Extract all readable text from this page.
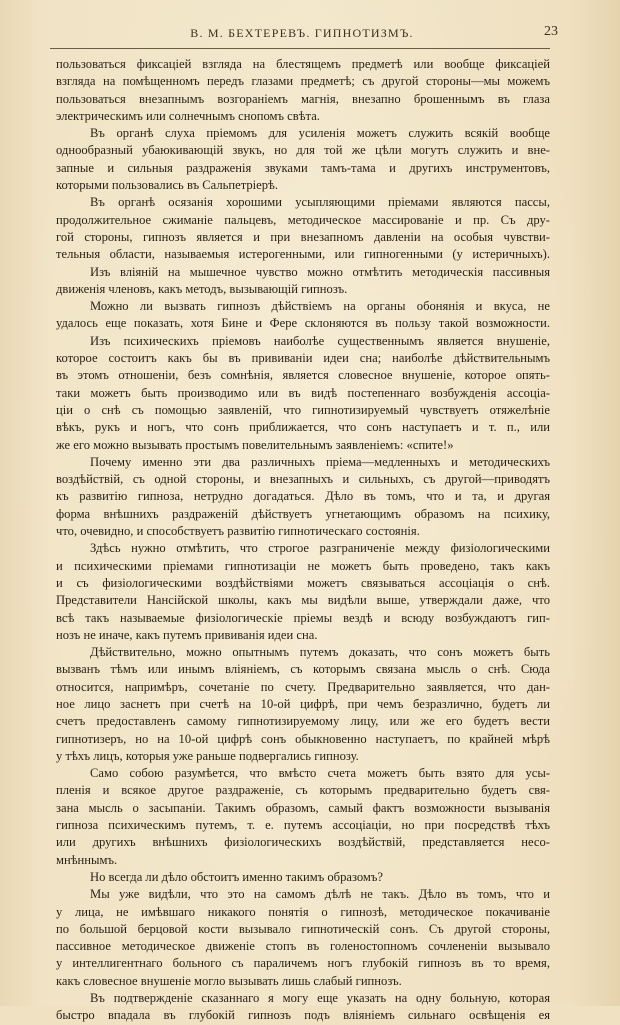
В. М. БЕХТЕРЕВЪ. ГИПНОТИЗМЪ.	23
пользоваться фиксацiей взгляда на блестящемъ предметѣ или вообще фиксацiей
взгляда на помѣщенномъ передъ глазами предметѣ; съ другой стороны—мы можемъ
пользоваться внезапнымъ возгоранiемъ магнiя, внезапно брошеннымъ въ глаза
электрическимъ или солнечнымъ снопомъ свѣта.
Въ органѣ слуха прiемомъ для усиленiя можетъ служить всякiй вообще
однообразный убаюкивающiй звукъ, но для той же цѣли могутъ служить и вне-
запные и сильныя раздраженiя звуками тамъ-тама и другихъ инструментовъ,
которыми пользовались въ Сальпетрiерѣ.
Въ органѣ осязанiя хорошими усыпляющими прiемами являются пассы,
продолжительное сжиманiе пальцевъ, методическое массированiе и пр. Съ дру-
гой стороны, гипнозъ является и при внезапномъ давленiи на особыя чувстви-
тельныя области, называемыя истерогенными, или гипногенными (у истеричныхъ).
Изъ влiянiй на мышечное чувство можно отмѣтить методическiя пассивныя
движенiя членовъ, какъ методъ, вызывающiй гипнозъ.
Можно ли вызвать гипнозъ дѣйствiемъ на органы обонянiя и вкуса, не
удалось еще показать, хотя Бине и Фере склоняются въ пользу такой возможности.
Изъ психическихъ прiемовъ наиболѣе существеннымъ является внушенiе,
которое состоитъ какъ бы въ прививанiи идеи сна; наиболѣе дѣйствительнымъ
въ этомъ отношенiи, безъ сомнѣнiя, является словесное внушенiе, которое опять-
таки можетъ быть производимо или въ видѣ постепеннаго возбужденiя ассоцiа-
цiи о снѣ съ помощью заявленiй, что гипнотизируемый чувствуетъ отяжелѣнiе
вѣкъ, рукъ и ногъ, что сонъ приближается, что сонъ наступаетъ и т. п., или
же его можно вызывать простымъ повелительнымъ заявленiемъ: «спите!»
Почему именно эти два различныхъ прiема—медленныхъ и методическихъ
воздѣйствiй, съ одной стороны, и внезапныхъ и сильныхъ, съ другой—приводятъ
къ развитiю гипноза, нетрудно догадаться. Дѣло въ томъ, что и та, и другая
форма внѣшнихъ раздраженiй дѣйствуетъ угнетающимъ образомъ на психику,
что, очевидно, и способствуетъ развитiю гипнотическаго состоянiя.
Здѣсь нужно отмѣтить, что строгое разграниченiе между физiологическими
и психическими прiемами гипнотизацiи не можетъ быть проведено, такъ какъ
и съ физiологическими воздѣйствiями можетъ связываться ассоцiацiя о снѣ.
Представители Нансiйской школы, какъ мы видѣли выше, утверждали даже, что
всѣ такъ называемые физiологическiе прiемы вездѣ и всюду возбуждаютъ гип-
нозъ не иначе, какъ путемъ прививанiя идеи сна.
Дѣйствительно, можно опытнымъ путемъ доказать, что сонъ можетъ быть
вызванъ тѣмъ или инымъ влiянiемъ, съ которымъ связана мысль о снѣ. Сюда
относится, напримѣръ, сочетанiе по счету. Предварительно заявляется, что дан-
ное лицо заснетъ при счетѣ на 10-ой цифрѣ, при чемъ безразлично, будетъ ли
счетъ предоставленъ самому гипнотизируемому лицу, или же его будетъ вести
гипнотизеръ, но на 10-ой цифрѣ сонъ обыкновенно наступаетъ, по крайней мѣрѣ
у тѣхъ лицъ, которыя уже раньше подвергались гипнозу.
Само собою разумѣется, что вмѣсто счета можетъ быть взято для усы-
пленiя и всякое другое раздраженiе, съ которымъ предварительно будетъ свя-
зана мысль о засыпанiи. Такимъ образомъ, самый фактъ возможности вызыванiя
гипноза психическимъ путемъ, т. е. путемъ ассоцiацiи, но при посредствѣ тѣхъ
или другихъ внѣшнихъ физiологическихъ воздѣйствiй, представляется несо-
мнѣннымъ.
Но всегда ли дѣло обстоитъ именно такимъ образомъ?
Мы уже видѣли, что это на самомъ дѣлѣ не такъ. Дѣло въ томъ, что и
у лица, не имѣвшаго никакого понятiя о гипнозѣ, методическое покачиванiе
по большой берцовой кости вызывало гипнотическiй сонъ. Съ другой стороны,
пассивное методическое движенiе стопъ въ голеностопномъ сочлененiи вызывало
у интеллигентнаго больного съ параличемъ ногъ глубокiй гипнозъ въ то время,
какъ словесное внушенiе могло вызывать лишь слабый гипнозъ.
Въ подтвержденiе сказаннаго я могу еще указать на одну больную, которая
быстро впадала въ глубокiй гипнозъ подъ влiянiемъ сильнаго освѣщенiя ея
